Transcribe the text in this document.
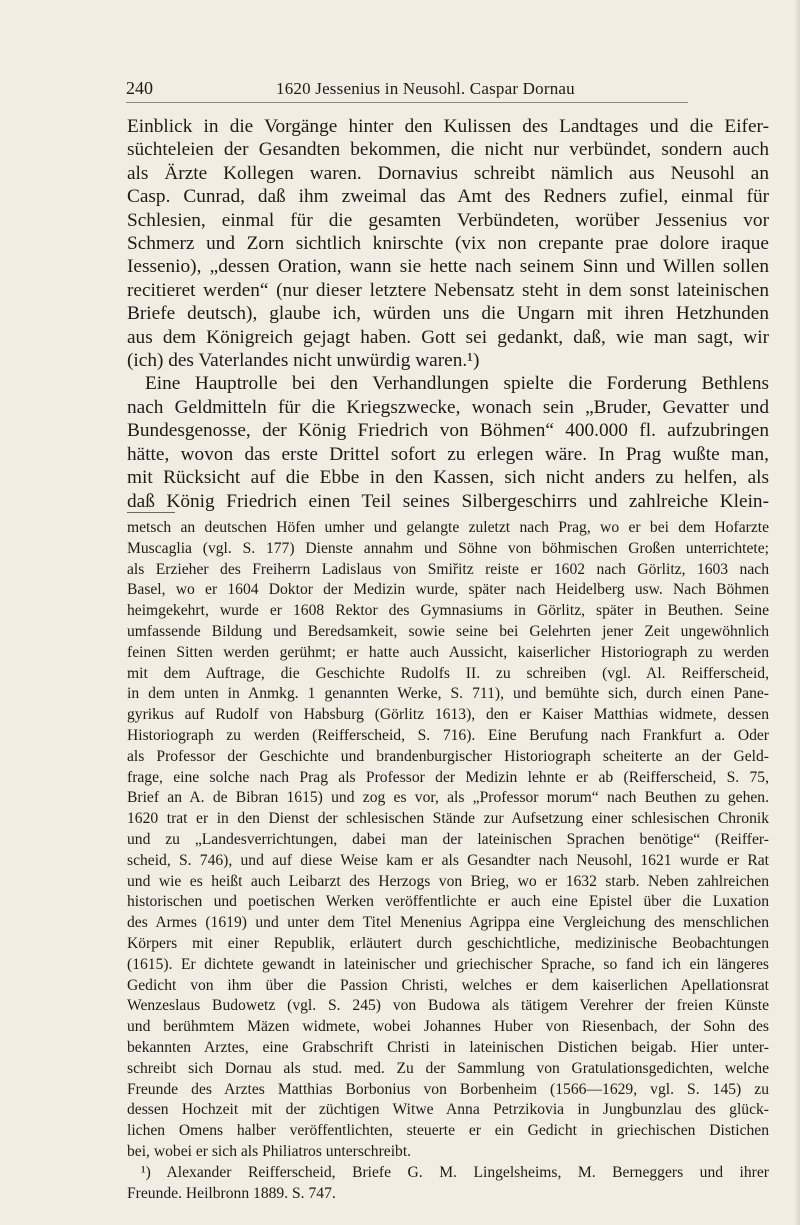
240	1620 Jessenius in Neusohl. Caspar Dornau
Einblick in die Vorgänge hinter den Kulissen des Landtages und die Eifer-
süchteleien der Gesandten bekommen, die nicht nur verbündet, sondern auch
als Ärzte Kollegen waren. Dornavius schreibt nämlich aus Neusohl an
Casp. Cunrad, daß ihm zweimal das Amt des Redners zufiel, einmal für
Schlesien, einmal für die gesamten Verbündeten, worüber Jessenius vor
Schmerz und Zorn sichtlich knirschte (vix non crepante prae dolore iraque
Iessenio), „dessen Oration, wann sie hette nach seinem Sinn und Willen sollen
recitieret werden“ (nur dieser letztere Nebensatz steht in dem sonst lateinischen
Briefe deutsch), glaube ich, würden uns die Ungarn mit ihren Hetzhunden
aus dem Königreich gejagt haben. Gott sei gedankt, daß, wie man sagt, wir
(ich) des Vaterlandes nicht unwürdig waren.¹)
Eine Hauptrolle bei den Verhandlungen spielte die Forderung Bethlens
nach Geldmitteln für die Kriegszwecke, wonach sein „Bruder, Gevatter und
Bundesgenosse, der König Friedrich von Böhmen“ 400.000 fl. aufzubringen
hätte, wovon das erste Drittel sofort zu erlegen wäre. In Prag wußte man,
mit Rücksicht auf die Ebbe in den Kassen, sich nicht anders zu helfen, als
daß König Friedrich einen Teil seines Silbergeschirrs und zahlreiche Klein-
metsch an deutschen Höfen umher und gelangte zuletzt nach Prag, wo er bei dem Hofarzte
Muscaglia (vgl. S. 177) Dienste annahm und Söhne von böhmischen Großen unterrichtete;
als Erzieher des Freiherrn Ladislaus von Smiřitz reiste er 1602 nach Görlitz, 1603 nach
Basel, wo er 1604 Doktor der Medizin wurde, später nach Heidelberg usw. Nach Böhmen
heimgekehrt, wurde er 1608 Rektor des Gymnasiums in Görlitz, später in Beuthen. Seine
umfassende Bildung und Beredsamkeit, sowie seine bei Gelehrten jener Zeit ungewöhnlich
feinen Sitten werden gerühmt; er hatte auch Aussicht, kaiserlicher Historiograph zu werden
mit dem Auftrage, die Geschichte Rudolfs II. zu schreiben (vgl. Al. Reifferscheid,
in dem unten in Anmkg. 1 genannten Werke, S. 711), und bemühte sich, durch einen Pane-
gyrikus auf Rudolf von Habsburg (Görlitz 1613), den er Kaiser Matthias widmete, dessen
Historiograph zu werden (Reifferscheid, S. 716). Eine Berufung nach Frankfurt a. Oder
als Professor der Geschichte und brandenburgischer Historiograph scheiterte an der Geld-
frage, eine solche nach Prag als Professor der Medizin lehnte er ab (Reifferscheid, S. 75,
Brief an A. de Bibran 1615) und zog es vor, als „Professor morum“ nach Beuthen zu gehen.
1620 trat er in den Dienst der schlesischen Stände zur Aufsetzung einer schlesischen Chronik
und zu „Landesverrichtungen, dabei man der lateinischen Sprachen benötige“ (Reiffer-
scheid, S. 746), und auf diese Weise kam er als Gesandter nach Neusohl, 1621 wurde er Rat
und wie es heißt auch Leibarzt des Herzogs von Brieg, wo er 1632 starb. Neben zahlreichen
historischen und poetischen Werken veröffentlichte er auch eine Epistel über die Luxation
des Armes (1619) und unter dem Titel Menenius Agrippa eine Vergleichung des menschlichen
Körpers mit einer Republik, erläutert durch geschichtliche, medizinische Beobachtungen
(1615). Er dichtete gewandt in lateinischer und griechischer Sprache, so fand ich ein längeres
Gedicht von ihm über die Passion Christi, welches er dem kaiserlichen Apellationsrat
Wenzeslaus Budowetz (vgl. S. 245) von Budowa als tätigem Verehrer der freien Künste
und berühmtem Mäzen widmete, wobei Johannes Huber von Riesenbach, der Sohn des
bekannten Arztes, eine Grabschrift Christi in lateinischen Distichen beigab. Hier unter-
schreibt sich Dornau als stud. med. Zu der Sammlung von Gratulationsgedichten, welche
Freunde des Arztes Matthias Borbonius von Borbenheim (1566—1629, vgl. S. 145) zu
dessen Hochzeit mit der züchtigen Witwe Anna Petrzikovia in Jungbunzlau des glück-
lichen Omens halber veröffentlichten, steuerte er ein Gedicht in griechischen Distichen
bei, wobei er sich als Philiatros unterschreibt.
¹) Alexander Reifferscheid, Briefe G. M. Lingelsheims, M. Berneggers und ihrer
Freunde. Heilbronn 1889. S. 747.
